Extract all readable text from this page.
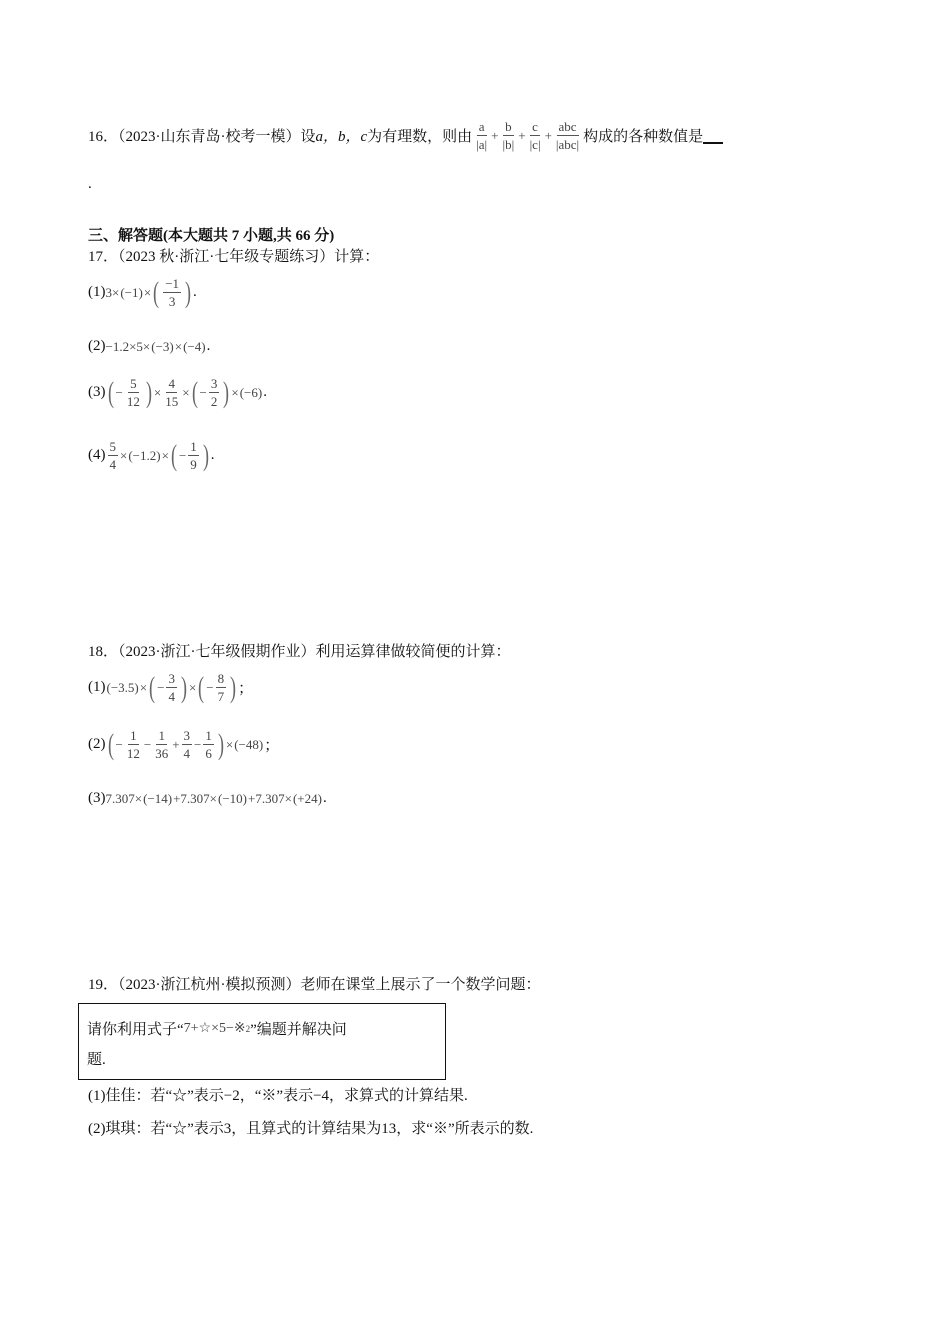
16．（2023·山东青岛·校考一模）设 a，b，c 为有理数，则由 $\frac{a}{|a|} + \frac{b}{|b|} + \frac{c}{|c|} + \frac{\text{abc}}{\text{|abc|}}$ 构成的各种数值是
.
三、解答题(本大题共 7 小题,共 66 分)
17．（2023 秋·浙江·七年级专题练习）计算：
(1) 3× (−1) × ( $\frac{-1}{3}$ ) .
(2) −1.2×5× (−3) × (−4) .
(3) ( − $\frac{5}{12}$ ) × $\frac{4}{15}$ × ( − $\frac{3}{2}$ ) × (−6) .
$(4) \frac{5}{4} \times (-1.2)$ × ( − $\frac{1}{9}$ ) .
18．（2023·浙江·七年级假期作业）利用运算律做较简便的计算：
(1) (−3.5) × ( − $\frac{3}{4}$ ) × ( − $\frac{8}{7}$ ) ；
(2) ( − $\frac{1}{12} - \frac{1}{36} + \frac{3}{4} - \frac{1}{6}$ ) × (−48) ；
(3) 7.307× (−14) +7.307× (−10) +7.307× (+24) .
19．（2023·浙江杭州·模拟预测）老师在课堂上展示了一个数学问题：
请你利用式子“ 7+☆×5−※ 2 ”编题并解决问
题.
(1)佳佳：若“☆”表示−2，“※”表示−4，求算式的计算结果.
(2)琪琪：若“☆”表示3，且算式的计算结果为13，求“※”所表示的数.
